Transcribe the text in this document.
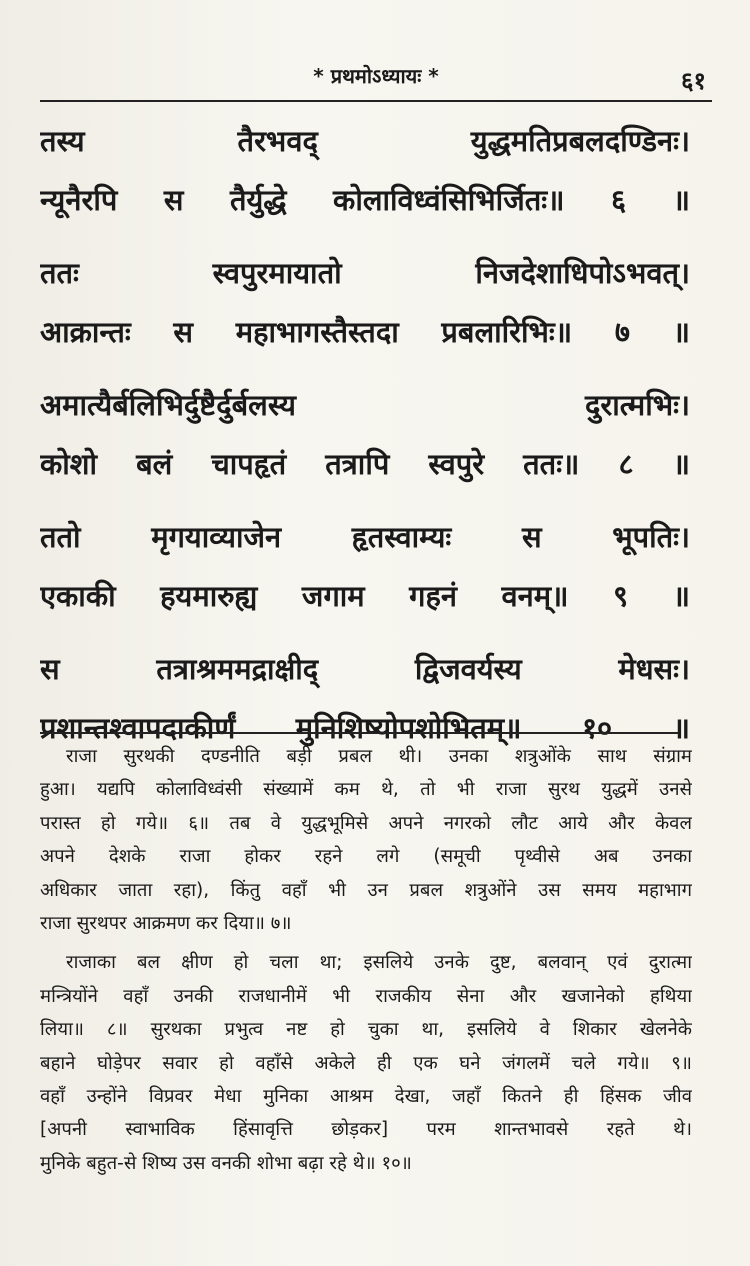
* प्रथमोऽध्यायः *	६१
तस्य तैरभवद् युद्धमतिप्रबलदण्डिनः।
न्यूनैरपि स तैर्युद्धे कोलाविध्वंसिभिर्जितः॥ ६ ॥
ततः स्वपुरमायातो निजदेशाधिपोऽभवत्।
आक्रान्तः स महाभागस्तैस्तदा प्रबलारिभिः॥ ७ ॥
अमात्यैर्बलिभिर्दुष्टैर्दुर्बलस्य दुरात्मभिः।
कोशो बलं चापहृतं तत्रापि स्वपुरे ततः॥ ८ ॥
ततो मृगयाव्याजेन हृतस्वाम्यः स भूपतिः।
एकाकी हयमारुह्य जगाम गहनं वनम्॥ ९ ॥
स तत्राश्रममद्राक्षीद् द्विजवर्यस्य मेधसः।
प्रशान्तश्वापदाकीर्णं मुनिशिष्योपशोभितम्॥ १० ॥
राजा सुरथकी दण्डनीति बड़ी प्रबल थी। उनका शत्रुओंके साथ संग्राम
हुआ। यद्यपि कोलाविध्वंसी संख्यामें कम थे, तो भी राजा सुरथ युद्धमें उनसे
परास्त हो गये॥ ६॥ तब वे युद्धभूमिसे अपने नगरको लौट आये और केवल
अपने देशके राजा होकर रहने लगे (समूची पृथ्वीसे अब उनका
अधिकार जाता रहा), किंतु वहाँ भी उन प्रबल शत्रुओंने उस समय महाभाग
राजा सुरथपर आक्रमण कर दिया॥ ७॥
राजाका बल क्षीण हो चला था; इसलिये उनके दुष्ट, बलवान् एवं दुरात्मा
मन्त्रियोंने वहाँ उनकी राजधानीमें भी राजकीय सेना और खजानेको हथिया
लिया॥ ८॥ सुरथका प्रभुत्व नष्ट हो चुका था, इसलिये वे शिकार खेलनेके
बहाने घोड़ेपर सवार हो वहाँसे अकेले ही एक घने जंगलमें चले गये॥ ९॥
वहाँ उन्होंने विप्रवर मेधा मुनिका आश्रम देखा, जहाँ कितने ही हिंसक जीव
[अपनी स्वाभाविक हिंसावृत्ति छोड़कर] परम शान्तभावसे रहते थे।
मुनिके बहुत-से शिष्य उस वनकी शोभा बढ़ा रहे थे॥ १०॥
